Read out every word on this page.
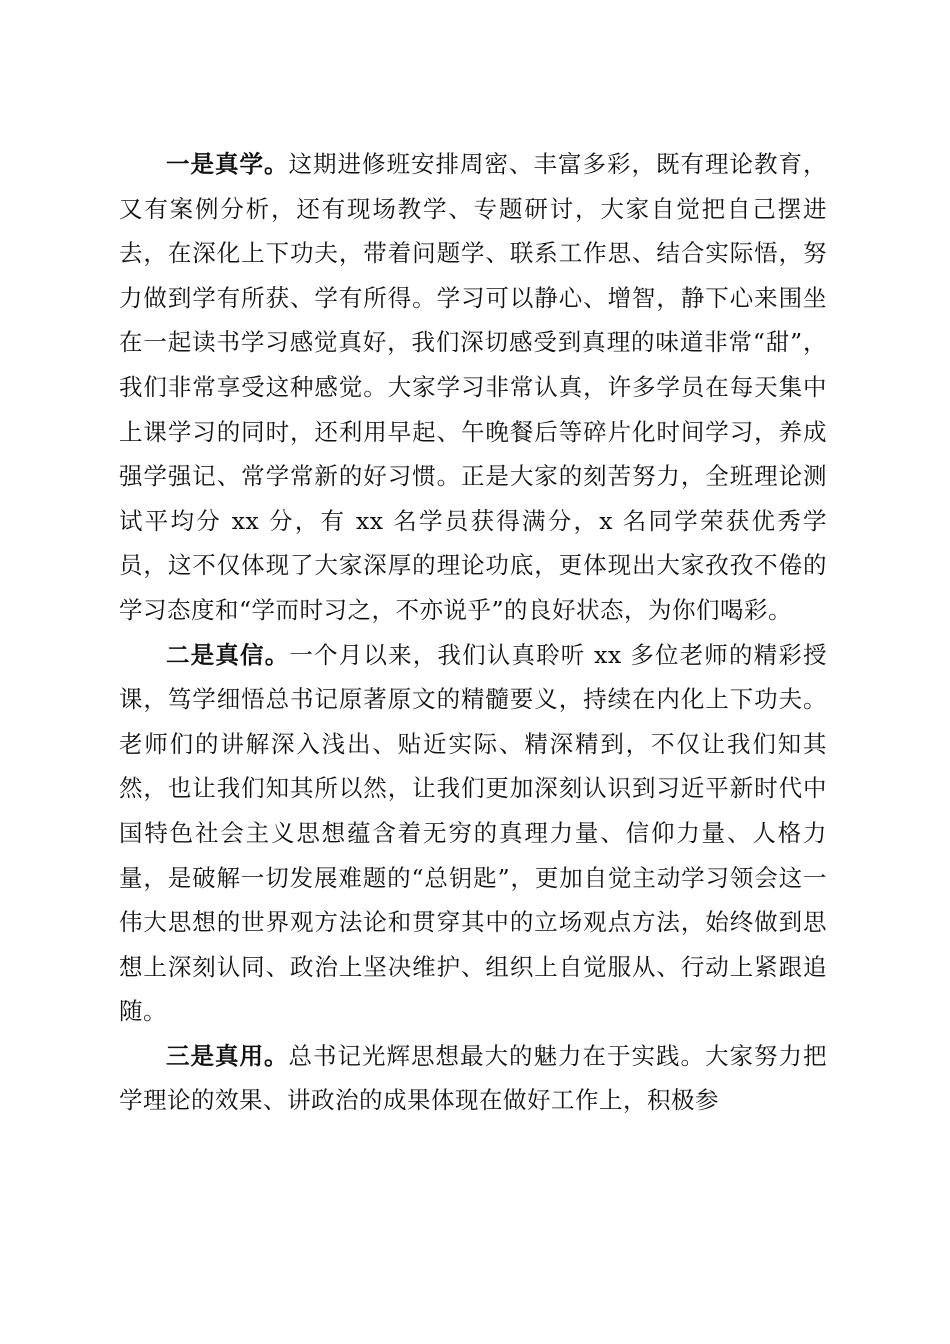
一是真学。这期进修班安排周密、丰富多彩，既有理论教育，又有案例分析，还有现场教学、专题研讨，大家自觉把自己摆进去，在深化上下功夫，带着问题学、联系工作思、结合实际悟，努力做到学有所获、学有所得。学习可以静心、增智，静下心来围坐在一起读书学习感觉真好，我们深切感受到真理的味道非常“甜”，我们非常享受这种感觉。大家学习非常认真，许多学员在每天集中上课学习的同时，还利用早起、午晚餐后等碎片化时间学习，养成强学强记、常学常新的好习惯。正是大家的刻苦努力，全班理论测试平均分 xx 分，有 xx 名学员获得满分，x 名同学荣获优秀学员，这不仅体现了大家深厚的理论功底，更体现出大家孜孜不倦的学习态度和“学而时习之，不亦说乎”的良好状态，为你们喝彩。

二是真信。一个月以来，我们认真聆听 xx 多位老师的精彩授课，笃学细悟总书记原著原文的精髓要义，持续在内化上下功夫。老师们的讲解深入浅出、贴近实际、精深精到，不仅让我们知其然，也让我们知其所以然，让我们更加深刻认识到习近平新时代中国特色社会主义思想蕴含着无穷的真理力量、信仰力量、人格力量，是破解一切发展难题的“总钥匙”，更加自觉主动学习领会这一伟大思想的世界观方法论和贯穿其中的立场观点方法，始终做到思想上深刻认同、政治上坚决维护、组织上自觉服从、行动上紧跟追随。

三是真用。总书记光辉思想最大的魅力在于实践。大家努力把学理论的效果、讲政治的成果体现在做好工作上，积极参
